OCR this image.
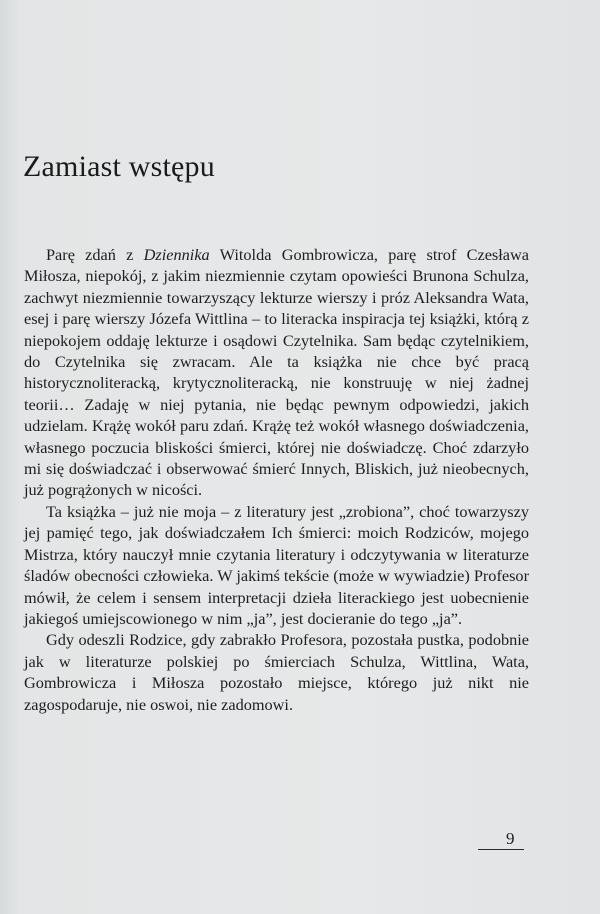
Zamiast wstępu

Parę zdań z Dziennika Witolda Gombrowicza, parę strof Czesława Miłosza, niepokój, z jakim niezmiennie czytam opowieści Brunona Schulza, zachwyt niezmiennie towarzyszący lekturze wierszy i próz Aleksandra Wata, esej i parę wierszy Józefa Wittlina – to literacka inspiracja tej książki, którą z niepokojem oddaję lekturze i osądowi Czytelnika. Sam będąc czytelnikiem, do Czytelnika się zwracam. Ale ta książka nie chce być pracą historycznoliteracką, krytycznoliteracką, nie konstruuję w niej żadnej teorii… Zadaję w niej pytania, nie będąc pewnym odpowiedzi, jakich udzielam. Krążę wokół paru zdań. Krążę też wokół własnego doświadczenia, własnego poczucia bliskości śmierci, której nie doświadczę. Choć zdarzyło mi się doświadczać i obserwować śmierć Innych, Bliskich, już nieobecnych, już pogrążonych w nicości.

Ta książka – już nie moja – z literatury jest „zrobiona”, choć towarzyszy jej pamięć tego, jak doświadczałem Ich śmierci: moich Rodziców, mojego Mistrza, który nauczył mnie czytania literatury i odczytywania w literaturze śladów obecności człowieka. W jakimś tekście (może w wywiadzie) Profesor mówił, że celem i sensem interpretacji dzieła literackiego jest uobecnienie jakiegoś umiejscowionego w nim „ja”, jest docieranie do tego „ja”.

Gdy odeszli Rodzice, gdy zabrakło Profesora, pozostała pustka, podobnie jak w literaturze polskiej po śmierciach Schulza, Wittlina, Wata, Gombrowicza i Miłosza pozostało miejsce, którego już nikt nie zagospodaruje, nie oswoi, nie zadomowi.

9
